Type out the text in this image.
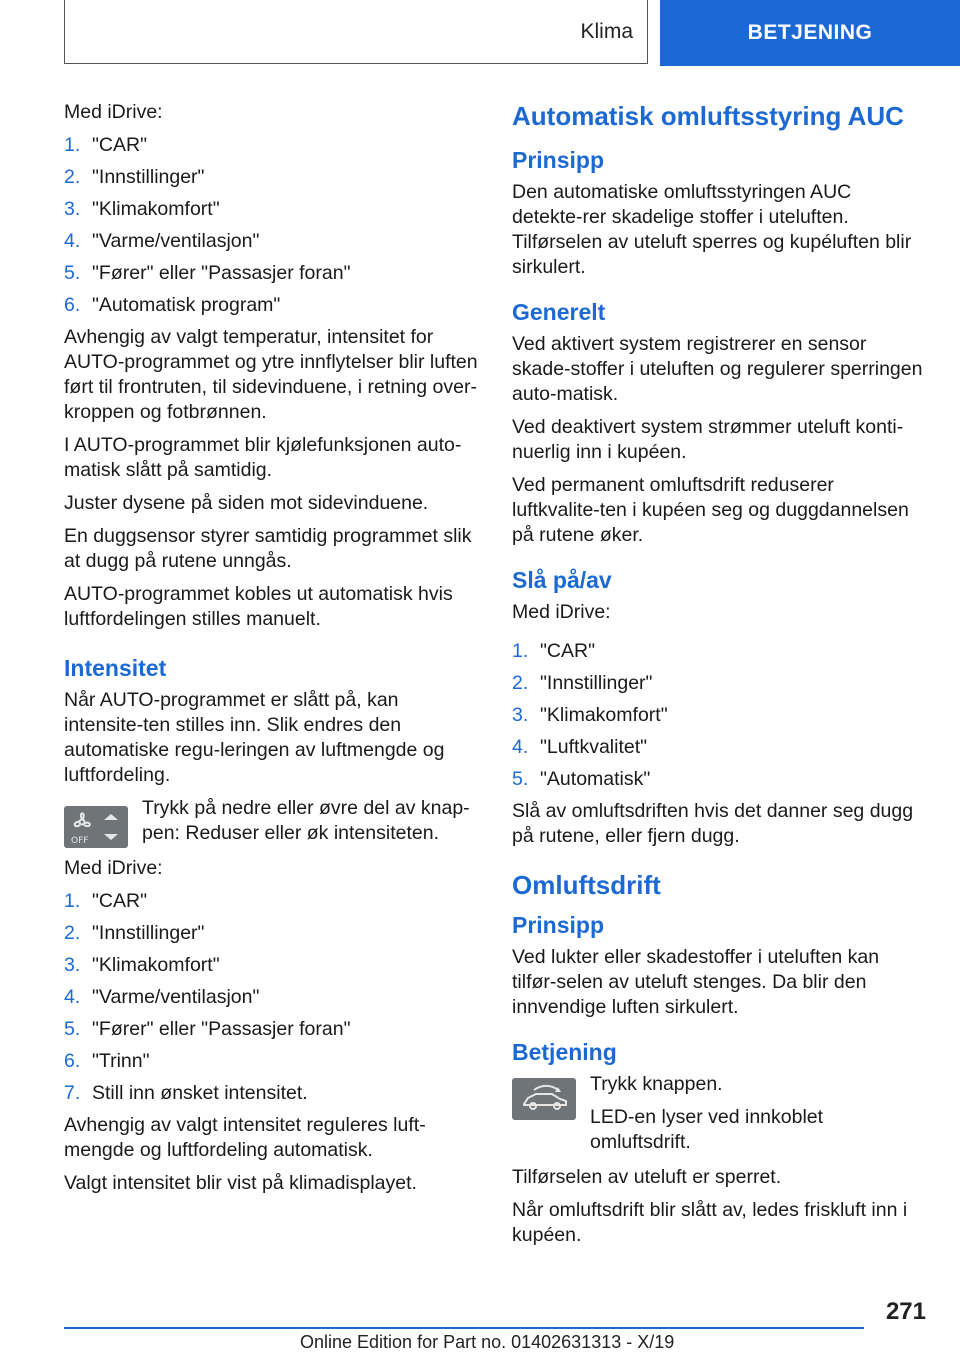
Klima	BETJENING

Med iDrive:

1. "CAR"
2. "Innstillinger"
3. "Klimakomfort"
4. "Varme/ventilasjon"
5. "Fører" eller "Passasjer foran"
6. "Automatisk program"

Avhengig av valgt temperatur, intensitet for AUTO-programmet og ytre innflytelser blir luften ført til frontruten, til sidevinduene, i retning over-kroppen og fotbrønnen.

I AUTO-programmet blir kjølefunksjonen auto-matisk slått på samtidig.

Juster dysene på siden mot sidevinduene.

En duggsensor styrer samtidig programmet slik at dugg på rutene unngås.

AUTO-programmet kobles ut automatisk hvis luftfordelingen stilles manuelt.

Intensitet

Når AUTO-programmet er slått på, kan intensite-ten stilles inn. Slik endres den automatiske regu-leringen av luftmengde og luftfordeling.

OFF
Trykk på nedre eller øvre del av knap-pen: Reduser eller øk intensiteten.

Med iDrive:

1. "CAR"
2. "Innstillinger"
3. "Klimakomfort"
4. "Varme/ventilasjon"
5. "Fører" eller "Passasjer foran"
6. "Trinn"
7. Still inn ønsket intensitet.

Avhengig av valgt intensitet reguleres luft-mengde og luftfordeling automatisk.

Valgt intensitet blir vist på klimadisplayet.

Automatisk omluftsstyring AUC
Prinsipp

Den automatiske omluftsstyringen AUC detekte-rer skadelige stoffer i uteluften. Tilførselen av uteluft sperres og kupéluften blir sirkulert.

Generelt

Ved aktivert system registrerer en sensor skade-stoffer i uteluften og regulerer sperringen auto-matisk.

Ved deaktivert system strømmer uteluft konti-nuerlig inn i kupéen.

Ved permanent omluftsdrift reduserer luftkvalite-ten i kupéen seg og duggdannelsen på rutene øker.

Slå på/av

Med iDrive:

1. "CAR"
2. "Innstillinger"
3. "Klimakomfort"
4. "Luftkvalitet"
5. "Automatisk"

Slå av omluftsdriften hvis det danner seg dugg på rutene, eller fjern dugg.

Omluftsdrift
Prinsipp

Ved lukter eller skadestoffer i uteluften kan tilfør-selen av uteluft stenges. Da blir den innvendige luften sirkulert.

Betjening

Trykk knappen.

LED-en lyser ved innkoblet omluftsdrift.

Tilførselen av uteluft er sperret.

Når omluftsdrift blir slått av, ledes friskluft inn i kupéen.

271
Online Edition for Part no. 01402631313 - X/19
